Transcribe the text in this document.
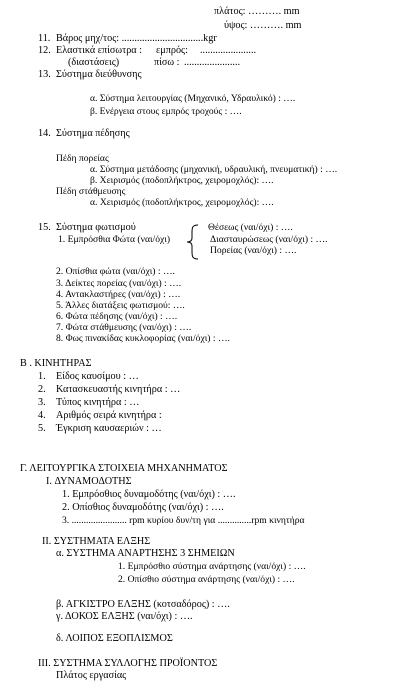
πλάτος: ………. mm
ύψος: ………. mm
11. Βάρος μηχ/τος: ................................kgr
12. Ελαστικά επίσωτρα : εμπρός: ......................
(διαστάσεις)	πίσω : ......................
13. Σύστημα διεύθυνσης
α. Σύστημα λειτουργίας (Μηχανικό, Υδραυλικό) : ….
β. Ενέργεια στους εμπρός τροχούς : ….
14. Σύστημα πέδησης
Πέδη πορείας
α. Σύστημα μετάδοσης (μηχανική, υδραυλική, πνευματική) : ….
β. Χειρισμός (ποδοπλήκτρος, χειρομοχλός): ….
Πέδη στάθμευσης
α. Χειρισμός (ποδοπλήκτρος, χειρομοχλός): ….
15. Σύστημα φωτισμού
1. Εμπρόσθια Φώτα (ναι/όχι)
Θέσεως (ναι/όχι) : ….
Διασταυρώσεως (ναι/όχι) : ….
Πορείας (ναι/όχι) : ….
2. Οπίσθια φώτα (ναι/όχι) : ….
3. Δείκτες πορείας (ναι/όχι) : ….
4. Αντακλαστήρες (ναι/όχι) : ….
5. Άλλες διατάξεις φωτισμού: ….
6. Φώτα πέδησης (ναι/όχι) : ….
7. Φώτα στάθμευσης (ναι/όχι) : ….
8. Φως πινακίδας κυκλοφορίας (ναι/όχι) : ….
Β . ΚΙΝΗΤΗΡΑΣ
1. Είδος καυσίμου : …
2. Κατασκευαστής κινητήρα : …
3. Τύπος κινητήρα : …
4. Αριθμός σειρά κινητήρα :
5. Έγκριση καυσαεριών : …
Γ. ΛΕΙΤΟΥΡΓΙΚΑ ΣΤΟΙΧΕΙΑ ΜΗΧΑΝΗΜΑΤΟΣ
I. ΔΥΝΑΜΟΔΟΤΗΣ
1. Εμπρόσθιος δυναμοδότης (ναι/όχι) : ….
2. Οπίσθιος δυναμοδότης (ναι/όχι) : ….
3. ....................... rpm κυρίου δυν/τη για ..............rpm κινητήρα
II. ΣΥΣΤΗΜΑΤΑ ΕΛΞΗΣ
α. ΣΥΣΤΗΜΑ ΑΝΑΡΤΗΣΗΣ 3 ΣΗΜΕΙΩΝ
1. Εμπρόσθιο σύστημα ανάρτησης (ναι/όχι) : ….
2. Οπίσθιο σύστημα ανάρτησης (ναι/όχι) : ….
β. ΑΓΚΙΣΤΡΟ ΕΛΞΗΣ (κοτσαδόρος) : ….
γ. ΔΟΚΟΣ ΕΛΞΗΣ (ναι/όχι) : ….
δ. ΛΟΙΠΟΣ ΕΞΟΠΛΙΣΜΟΣ
III. ΣΥΣΤΗΜΑ ΣΥΛΛΟΓΗΣ ΠΡΟΪΟΝΤΟΣ
Πλάτος εργασίας
